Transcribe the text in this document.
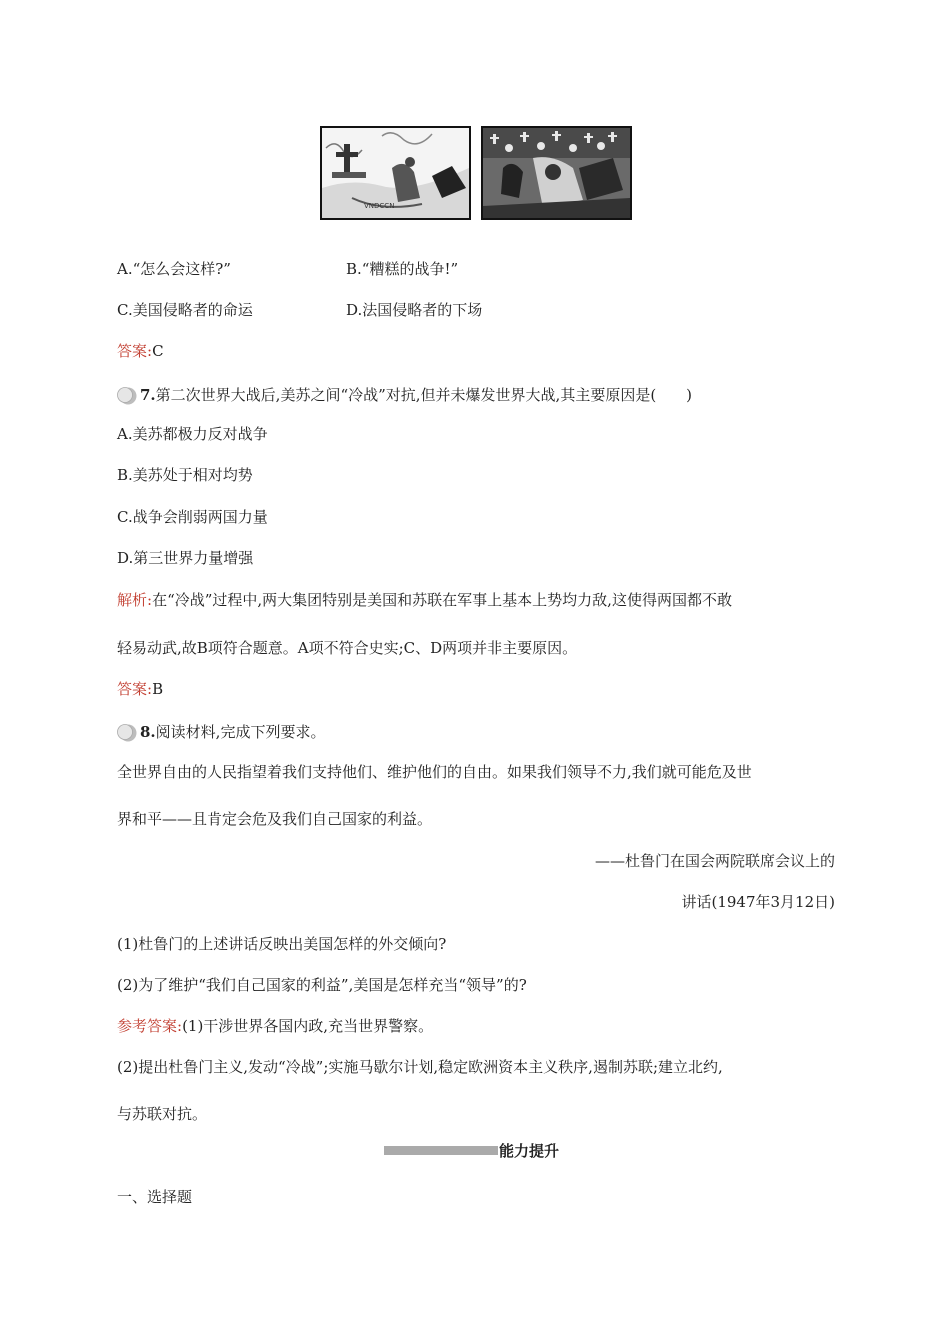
VNDCCN
A.“怎么会这样?”	B.“糟糕的战争!”
C.美国侵略者的命运	D.法国侵略者的下场
答案:C
7.第二次世界大战后,美苏之间“冷战”对抗,但并未爆发世界大战,其主要原因是(　　)
A.美苏都极力反对战争
B.美苏处于相对均势
C.战争会削弱两国力量
D.第三世界力量增强
解析:在“冷战”过程中,两大集团特别是美国和苏联在军事上基本上势均力敌,这使得两国都不敢
轻易动武,故B项符合题意。A项不符合史实;C、D两项并非主要原因。
答案:B
8.阅读材料,完成下列要求。
全世界自由的人民指望着我们支持他们、维护他们的自由。如果我们领导不力,我们就可能危及世
界和平——且肯定会危及我们自己国家的利益。
——杜鲁门在国会两院联席会议上的
讲话(1947年3月12日)
(1)杜鲁门的上述讲话反映出美国怎样的外交倾向?
(2)为了维护“我们自己国家的利益”,美国是怎样充当“领导”的?
参考答案:(1)干涉世界各国内政,充当世界警察。
(2)提出杜鲁门主义,发动“冷战”;实施马歇尔计划,稳定欧洲资本主义秩序,遏制苏联;建立北约,
与苏联对抗。
能力提升
一、选择题
